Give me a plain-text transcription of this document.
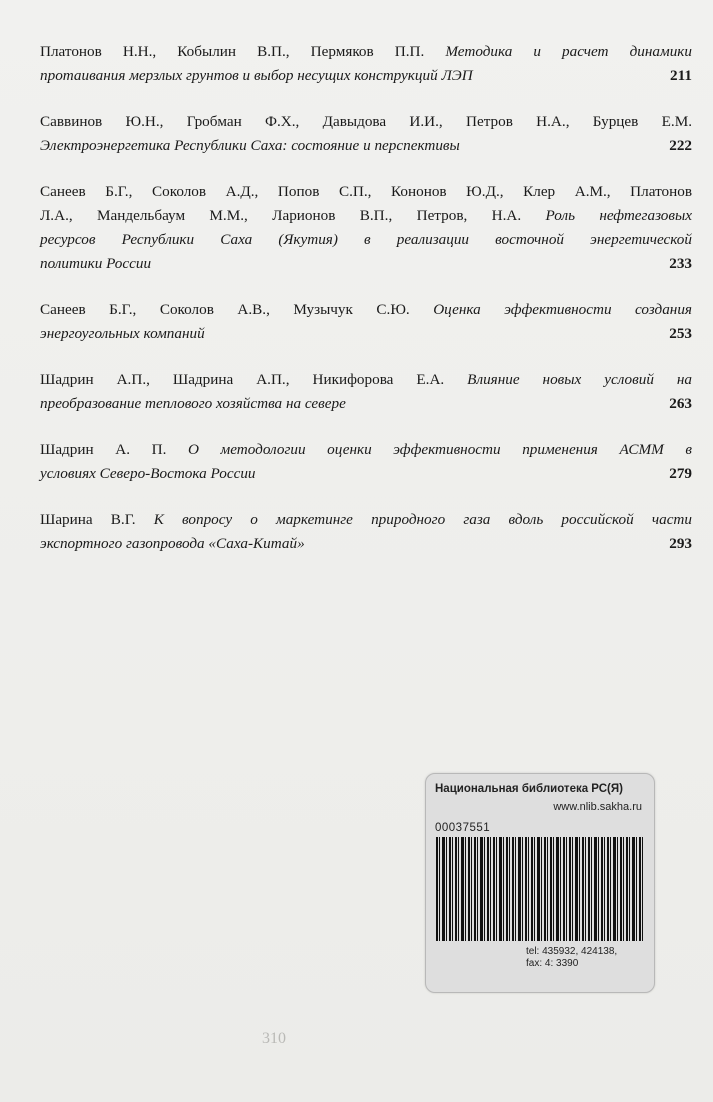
Платонов Н.Н., Кобылин В.П., Пермяков П.П. Методика и расчет динамики
протаивания мерзлых грунтов и выбор несущих конструкций ЛЭП	211
Саввинов Ю.Н., Гробман Ф.Х., Давыдова И.И., Петров Н.А., Бурцев Е.М.
Электроэнергетика Республики Саха: состояние и перспективы	222
Санеев Б.Г., Соколов А.Д., Попов С.П., Кононов Ю.Д., Клер А.М., Платонов
Л.А., Мандельбаум М.М., Ларионов В.П., Петров, Н.А. Роль нефтегазовых
ресурсов Республики Саха (Якутия) в реализации восточной энергетической
политики России	233
Санеев Б.Г., Соколов А.В., Музычук С.Ю. Оценка эффективности создания
энергоугольных компаний	253
Шадрин А.П., Шадрина А.П., Никифорова Е.А. Влияние новых условий на
преобразование теплового хозяйства на севере	263
Шадрин А. П. О методологии оценки эффективности применения АСММ в
условиях Северо-Востока России	279
Шарина В.Г. К вопросу о маркетинге природного газа вдоль российской части
экспортного газопровода «Саха-Китай»	293
Национальная библиотека РС(Я)
www.nlib.sakha.ru
00037551
tel: 435932, 424138,
fax: 4: 3390
310
